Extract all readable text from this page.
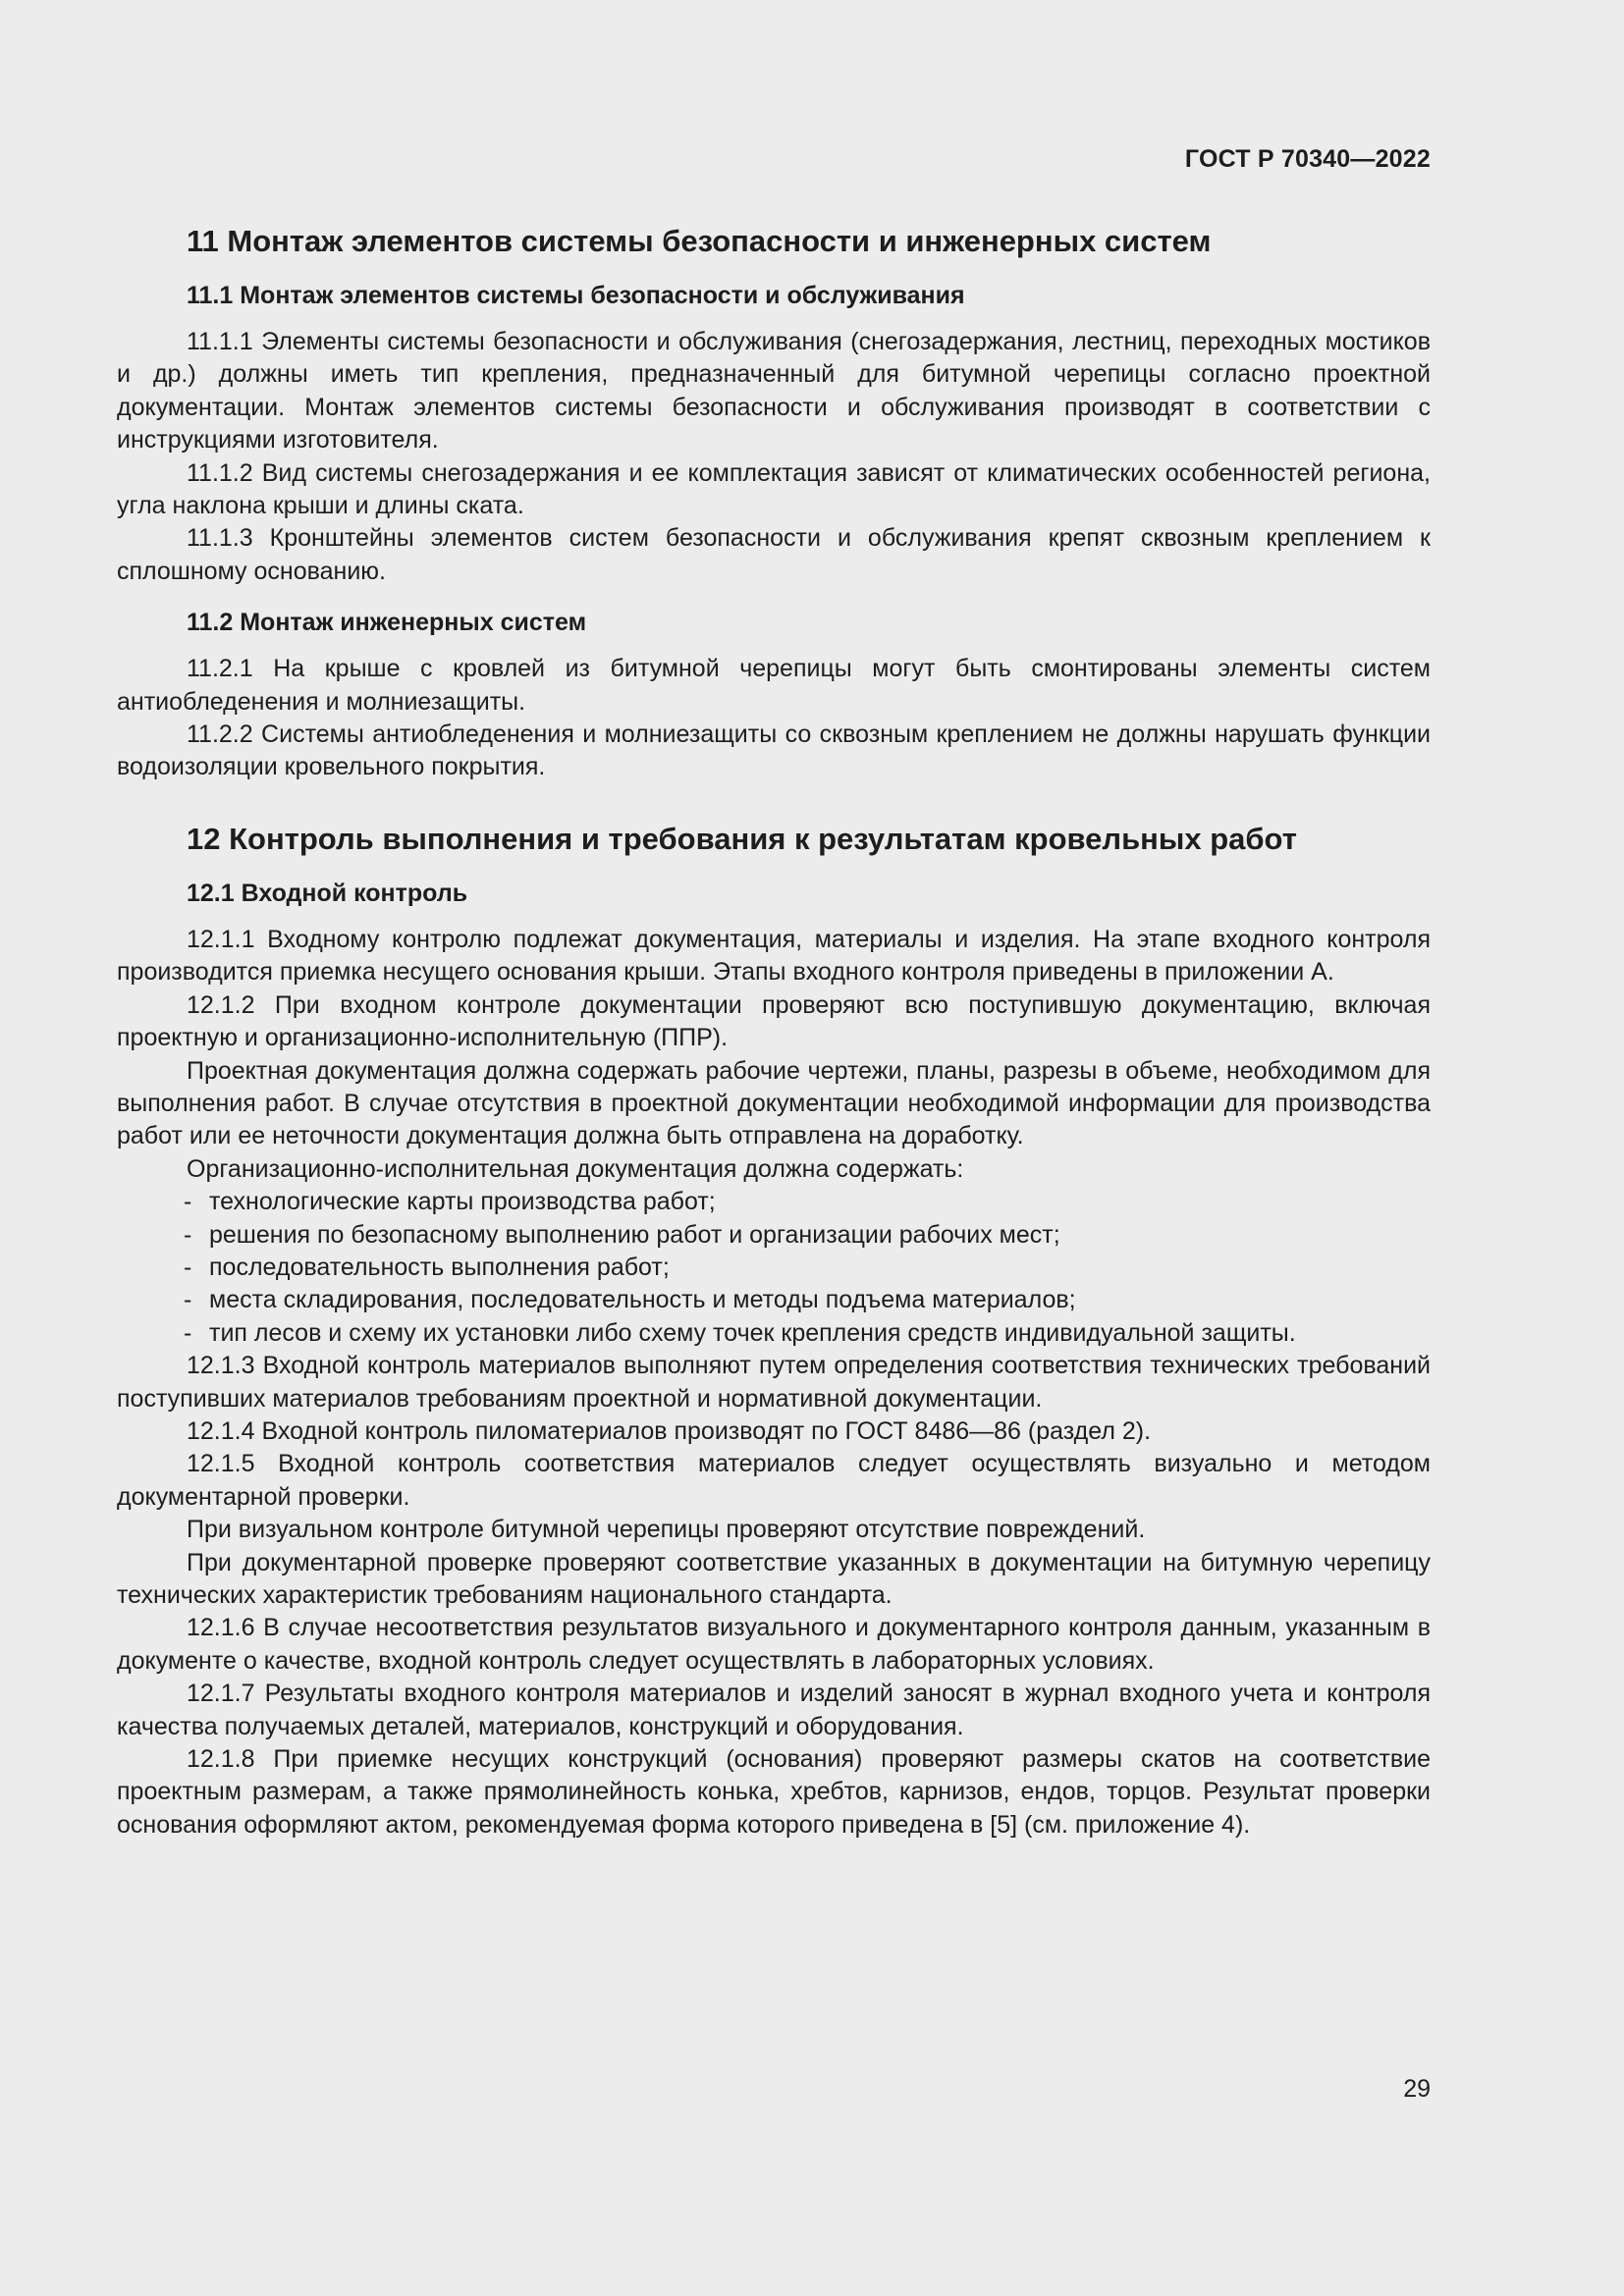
ГОСТ Р 70340—2022
11 Монтаж элементов системы безопасности и инженерных систем
11.1 Монтаж элементов системы безопасности и обслуживания

11.1.1 Элементы системы безопасности и обслуживания (снегозадержания, лестниц, переходных мостиков и др.) должны иметь тип крепления, предназначенный для битумной черепицы согласно проектной документации. Монтаж элементов системы безопасности и обслуживания производят в соответствии с инструкциями изготовителя.

11.1.2 Вид системы снегозадержания и ее комплектация зависят от климатических особенностей региона, угла наклона крыши и длины ската.

11.1.3 Кронштейны элементов систем безопасности и обслуживания крепят сквозным креплением к сплошному основанию.

11.2 Монтаж инженерных систем

11.2.1 На крыше с кровлей из битумной черепицы могут быть смонтированы элементы систем антиобледенения и молниезащиты.

11.2.2 Системы антиобледенения и молниезащиты со сквозным креплением не должны нарушать функции водоизоляции кровельного покрытия.

12 Контроль выполнения и требования к результатам кровельных работ
12.1 Входной контроль

12.1.1 Входному контролю подлежат документация, материалы и изделия. На этапе входного контроля производится приемка несущего основания крыши. Этапы входного контроля приведены в приложении А.

12.1.2 При входном контроле документации проверяют всю поступившую документацию, включая проектную и организационно-исполнительную (ППР).

Проектная документация должна содержать рабочие чертежи, планы, разрезы в объеме, необходимом для выполнения работ. В случае отсутствия в проектной документации необходимой информации для производства работ или ее неточности документация должна быть отправлена на доработку.

Организационно-исполнительная документация должна содержать:

- технологические карты производства работ;
- решения по безопасному выполнению работ и организации рабочих мест;
- последовательность выполнения работ;
- места складирования, последовательность и методы подъема материалов;
- тип лесов и схему их установки либо схему точек крепления средств индивидуальной защиты.

12.1.3 Входной контроль материалов выполняют путем определения соответствия технических требований поступивших материалов требованиям проектной и нормативной документации.

12.1.4 Входной контроль пиломатериалов производят по ГОСТ 8486—86 (раздел 2).

12.1.5 Входной контроль соответствия материалов следует осуществлять визуально и методом документарной проверки.

При визуальном контроле битумной черепицы проверяют отсутствие повреждений.

При документарной проверке проверяют соответствие указанных в документации на битумную черепицу технических характеристик требованиям национального стандарта.

12.1.6 В случае несоответствия результатов визуального и документарного контроля данным, указанным в документе о качестве, входной контроль следует осуществлять в лабораторных условиях.

12.1.7 Результаты входного контроля материалов и изделий заносят в журнал входного учета и контроля качества получаемых деталей, материалов, конструкций и оборудования.

12.1.8 При приемке несущих конструкций (основания) проверяют размеры скатов на соответствие проектным размерам, а также прямолинейность конька, хребтов, карнизов, ендов, торцов. Результат проверки основания оформляют актом, рекомендуемая форма которого приведена в [5] (см. приложение 4).

29
